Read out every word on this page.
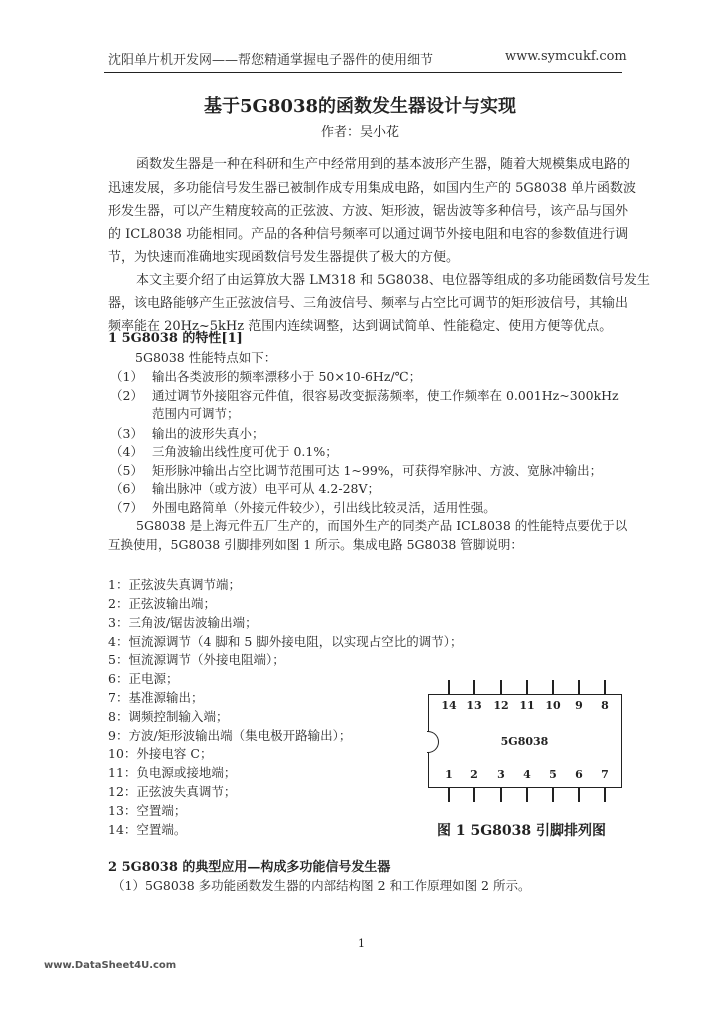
沈阳单片机开发网——帮您精通掌握电子器件的使用细节	www.symcukf.com
基于5G8038的函数发生器设计与实现
作者：吴小花
函数发生器是一种在科研和生产中经常用到的基本波形产生器，随着大规模集成电路的
迅速发展，多功能信号发生器已被制作成专用集成电路，如国内生产的 5G8038 单片函数波
形发生器，可以产生精度较高的正弦波、方波、矩形波，锯齿波等多种信号，该产品与国外
的 ICL8038 功能相同。产品的各种信号频率可以通过调节外接电阻和电容的参数值进行调
节，为快速而准确地实现函数信号发生器提供了极大的方便。
本文主要介绍了由运算放大器 LM318 和 5G8038、电位器等组成的多功能函数信号发生
器，该电路能够产生正弦波信号、三角波信号、频率与占空比可调节的矩形波信号，其输出
频率能在 20Hz~5kHz 范围内连续调整，达到调试简单、性能稳定、使用方便等优点。
1 5G8038 的特性[1]
5G8038 性能特点如下：
（1） 输出各类波形的频率漂移小于 50×10-6Hz/℃；
（2） 通过调节外接阻容元件值，很容易改变振荡频率，使工作频率在 0.001Hz~300kHz
范围内可调节；
（3） 输出的波形失真小；
（4） 三角波输出线性度可优于 0.1%；
（5） 矩形脉冲输出占空比调节范围可达 1~99%，可获得窄脉冲、方波、宽脉冲输出；
（6） 输出脉冲（或方波）电平可从 4.2-28V；
（7） 外围电路简单（外接元件较少），引出线比较灵活，适用性强。
5G8038 是上海元件五厂生产的，而国外生产的同类产品 ICL8038 的性能特点要优于以
互换使用，5G8038 引脚排列如图 1 所示。集成电路 5G8038 管脚说明：
1：正弦波失真调节端；
2：正弦波输出端；
3：三角波/锯齿波输出端；
4：恒流源调节（4 脚和 5 脚外接电阻，以实现占空比的调节）；
5：恒流源调节（外接电阻端）；
6：正电源；
7：基准源输出；
8：调频控制输入端；
9：方波/矩形波输出端（集电极开路输出）；
10：外接电容 C；
11：负电源或接地端；
12：正弦波失真调节；
13：空置端；
14：空置端。
5G8038
14 13 12 11 10	9	8
1	2	3	4	5	6	7
图 1 5G8038 引脚排列图
2 5G8038 的典型应用—构成多功能信号发生器
（1）5G8038 多功能函数发生器的内部结构图 2 和工作原理如图 2 所示。
1
www.DataSheet4U.com
